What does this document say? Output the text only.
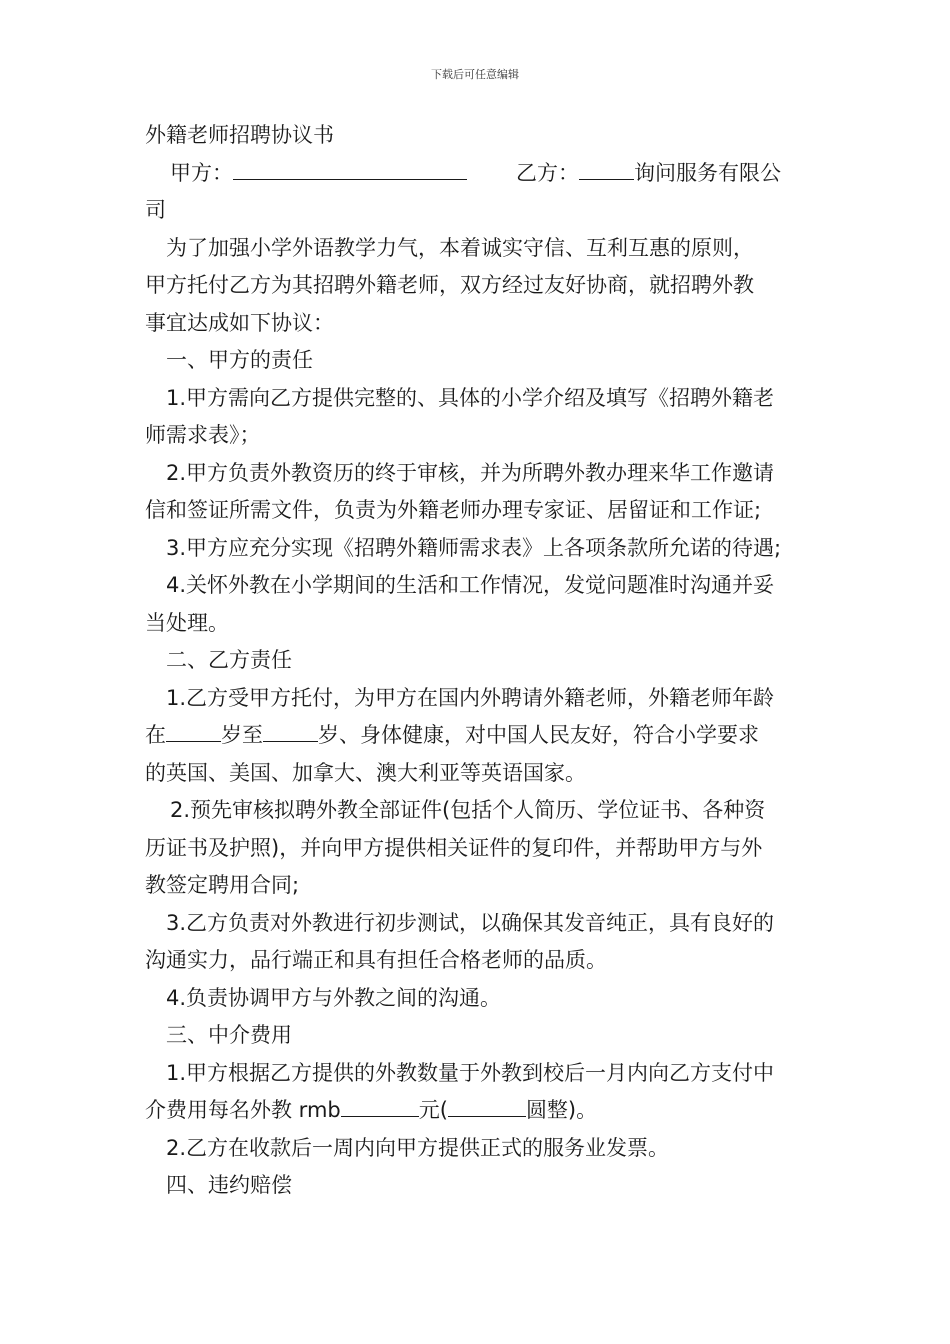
下载后可任意编辑
外籍老师招聘协议书
甲方：	乙方：	询问服务有限公
司
为了加强小学外语教学力气，本着诚实守信、互利互惠的原则，
甲方托付乙方为其招聘外籍老师，双方经过友好协商，就招聘外教
事宜达成如下协议：
一、甲方的责任
1.甲方需向乙方提供完整的、具体的小学介绍及填写《招聘外籍老
师需求表》；
2.甲方负责外教资历的终于审核，并为所聘外教办理来华工作邀请
信和签证所需文件，负责为外籍老师办理专家证、居留证和工作证;
3.甲方应充分实现《招聘外籍师需求表》上各项条款所允诺的待遇;
4.关怀外教在小学期间的生活和工作情况，发觉问题准时沟通并妥
当处理。
二、乙方责任
1.乙方受甲方托付，为甲方在国内外聘请外籍老师，外籍老师年龄
在	岁至	岁、身体健康，对中国人民友好，符合小学要求
的英国、美国、加拿大、澳大利亚等英语国家。
2.预先审核拟聘外教全部证件(包括个人简历、学位证书、各种资
历证书及护照)，并向甲方提供相关证件的复印件，并帮助甲方与外
教签定聘用合同;
3.乙方负责对外教进行初步测试，以确保其发音纯正，具有良好的
沟通实力，品行端正和具有担任合格老师的品质。
4.负责协调甲方与外教之间的沟通。
三、中介费用
1.甲方根据乙方提供的外教数量于外教到校后一月内向乙方支付中
介费用每名外教 rmb	元(	圆整)。
2.乙方在收款后一周内向甲方提供正式的服务业发票。
四、违约赔偿
